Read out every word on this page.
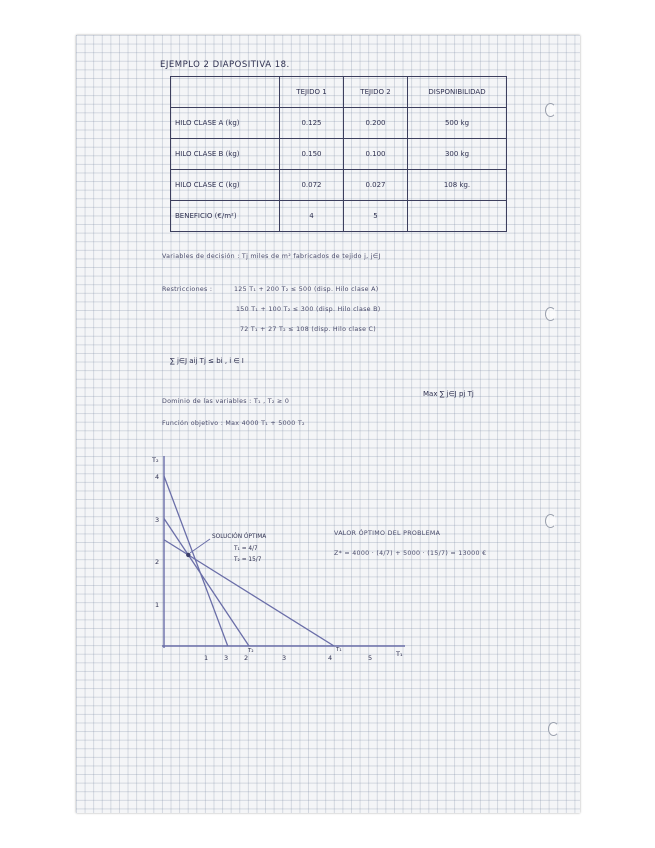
EJEMPLO 2 DIAPOSITIVA 18.
	TEJIDO 1	TEJIDO 2	DISPONIBILIDAD
HILO CLASE A (kg)	0.125	0.200	500 kg
HILO CLASE B (kg)	0.150	0.100	300 kg
HILO CLASE C (kg)	0.072	0.027	108 kg.
BENEFICIO (€/m²)	4	5	
Variables de decisión : Tj miles de m² fabricados de tejido j, j∈J
Restricciones :	125 T₁ + 200 T₂ ≤ 500 (disp. Hilo clase A)
150 T₁ + 100 T₂ ≤ 300 (disp. Hilo clase B)
72 T₁ + 27 T₂ ≤ 108 (disp. Hilo clase C)
∑ j∈J aij Tj ≤ bi , i ∈ I
Dominio de las variables : T₁ , T₂ ≥ 0
Max ∑ j∈J pj Tj
Función objetivo : Max 4000 T₁ + 5000 T₂
T₂
T₁
4
3
2
1
1 3 2	3	4	5
T₂	T₁
SOLUCIÓN ÓPTIMA
T₁ = 4/7
T₂ = 15/7
VALOR ÓPTIMO DEL PROBLEMA
Z* = 4000 · (4/7) + 5000 · (15/7) = 13000 €
